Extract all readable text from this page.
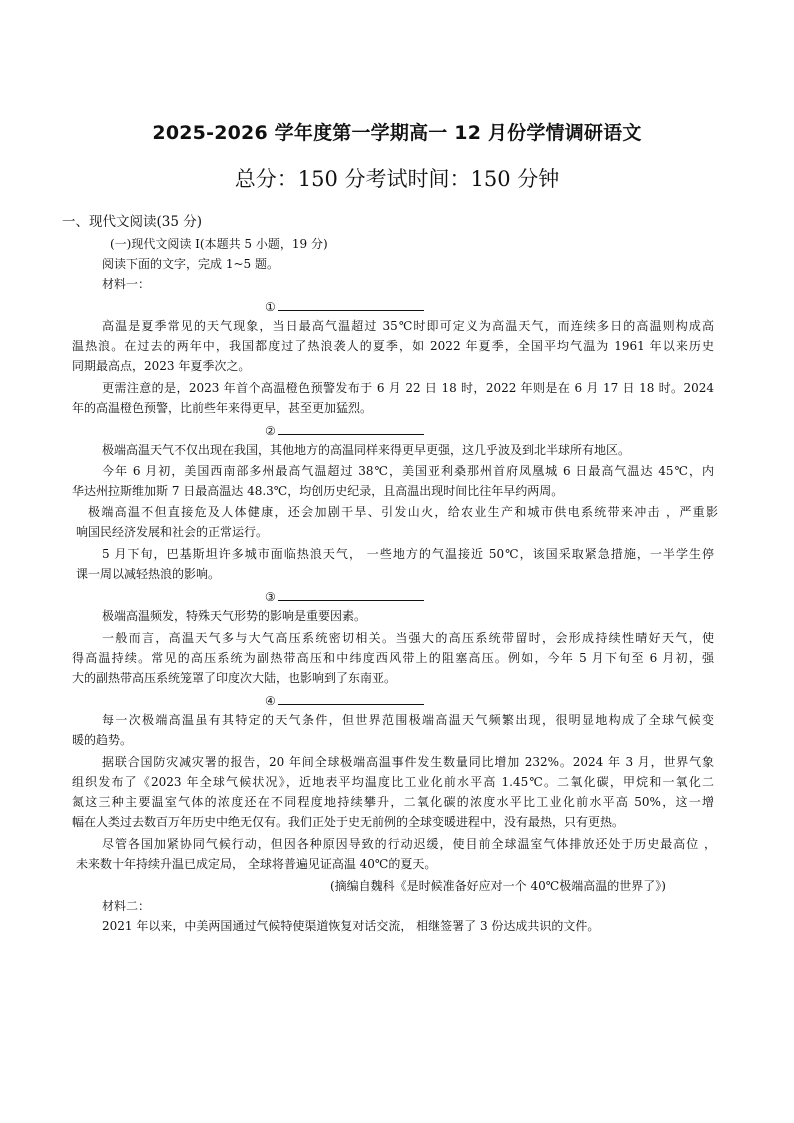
2025-2026 学年度第一学期高一 12 月份学情调研语文
总分：150 分考试时间：150 分钟
一、现代文阅读(35 分)
(一)现代文阅读 I(本题共 5 小题，19 分)
阅读下面的文字，完成 1~5 题。
材料一：
①
高温是夏季常见的天气现象，当日最高气温超过 35℃时即可定义为高温天气，而连续多日的高温则构成高
温热浪。在过去的两年中，我国都度过了热浪袭人的夏季，如 2022 年夏季，全国平均气温为 1961 年以来历史
同期最高点，2023 年夏季次之。
更需注意的是，2023 年首个高温橙色预警发布于 6 月 22 日 18 时，2022 年则是在 6 月 17 日 18 时。2024
年的高温橙色预警，比前些年来得更早，甚至更加猛烈。
②
极端高温天气不仅出现在我国，其他地方的高温同样来得更早更强，这几乎波及到北半球所有地区。
今年 6 月初，美国西南部多州最高气温超过 38℃，美国亚利桑那州首府凤凰城 6 日最高气温达 45℃，内
华达州拉斯维加斯 7 日最高温达 48.3℃，均创历史纪录，且高温出现时间比往年早约两周。
极端高温不但直接危及人体健康，还会加剧干旱、引发山火，给农业生产和城市供电系统带来冲击 ，严重影
响国民经济发展和社会的正常运行。
5 月下旬，巴基斯坦许多城市面临热浪天气， 一些地方的气温接近 50℃，该国采取紧急措施，一半学生停
课一周以减轻热浪的影响。
③
极端高温频发，特殊天气形势的影响是重要因素。
一般而言，高温天气多与大气高压系统密切相关。当强大的高压系统带留时，会形成持续性晴好天气，使
得高温持续。常见的高压系统为副热带高压和中纬度西风带上的阻塞高压。例如，今年 5 月下旬至 6 月初，强
大的副热带高压系统笼罩了印度次大陆，也影响到了东南亚。
④
每一次极端高温虽有其特定的天气条件，但世界范围极端高温天气频繁出现，很明显地构成了全球气候变
暖的趋势。
据联合国防灾减灾署的报告，20 年间全球极端高温事件发生数量同比增加 232%。2024 年 3 月，世界气象
组织发布了《2023 年全球气候状况》，近地表平均温度比工业化前水平高 1.45℃。二氧化碳，甲烷和一氧化二
氮这三种主要温室气体的浓度还在不同程度地持续攀升，二氧化碳的浓度水平比工业化前水平高 50%，这一增
幅在人类过去数百万年历史中绝无仅有。我们正处于史无前例的全球变暖进程中，没有最热，只有更热。
尽管各国加紧协同气候行动，但因各种原因导致的行动迟缓，使目前全球温室气体排放还处于历史最高位 ，
未来数十年持续升温已成定局， 全球将普遍见证高温 40℃的夏天。
(摘编自魏科《是时候准备好应对一个 40℃极端高温的世界了》)
材料二：
2021 年以来，中美两国通过气候特使渠道恢复对话交流， 相继签署了 3 份达成共识的文件。
